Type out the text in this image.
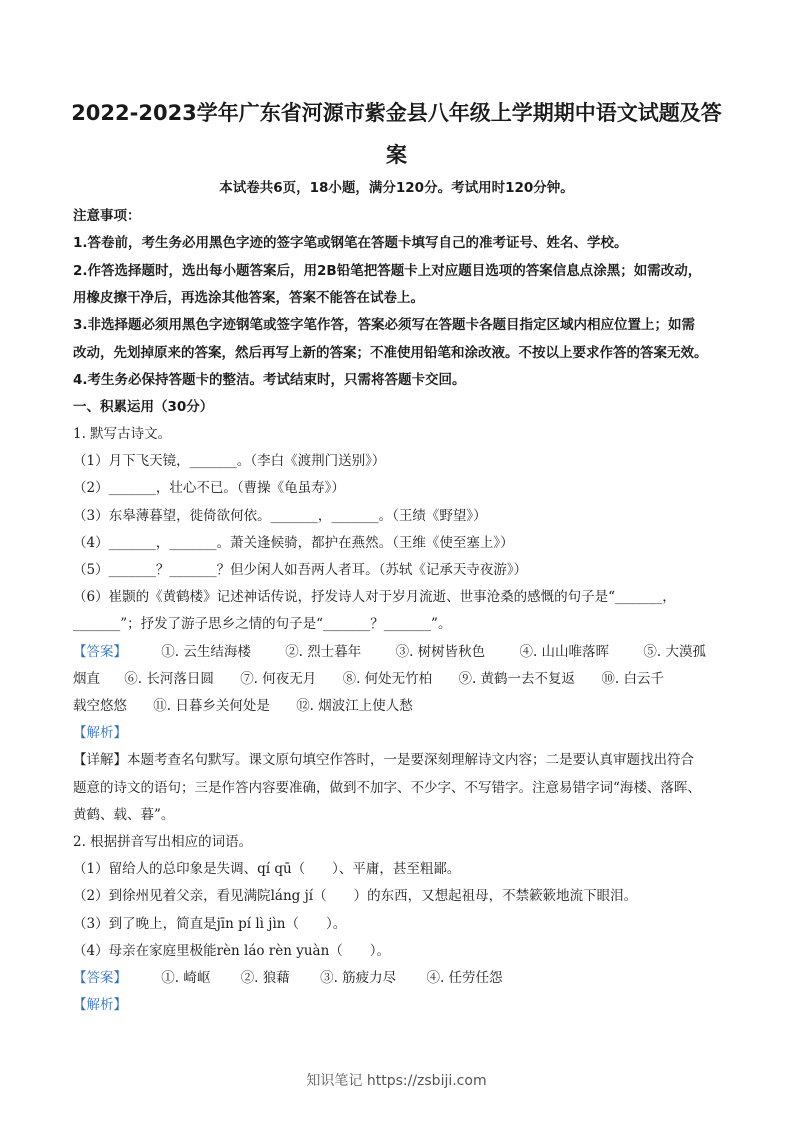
2022-2023学年广东省河源市紫金县八年级上学期期中语文试题及答
案
本试卷共6页，18小题，满分120分。考试用时120分钟。
注意事项：
1.答卷前，考生务必用黑色字迹的签字笔或钢笔在答题卡填写自己的准考证号、姓名、学校。
2.作答选择题时，选出每小题答案后，用2B铅笔把答题卡上对应题目选项的答案信息点涂黑；如需改动，
用橡皮擦干净后，再选涂其他答案，答案不能答在试卷上。
3.非选择题必须用黑色字迹钢笔或签字笔作答，答案必须写在答题卡各题目指定区域内相应位置上；如需
改动，先划掉原来的答案，然后再写上新的答案；不准使用铅笔和涂改液。不按以上要求作答的答案无效。
4.考生务必保持答题卡的整洁。考试结束时，只需将答题卡交回。
一、积累运用（30分）
1. 默写古诗文。
（1）月下飞天镜，_______。（李白《渡荆门送别》）
（2）_______，壮心不已。（曹操《龟虽寿》）
（3）东皋薄暮望，徙倚欲何依。_______，_______。（王绩《野望》）
（4）_______，_______。萧关逢候骑，都护在燕然。（王维《使至塞上》）
（5）_______？_______？但少闲人如吾两人者耳。（苏轼《记承天寺夜游》）
（6）崔颢的《黄鹤楼》记述神话传说，抒发诗人对于岁月流逝、世事沧桑的感慨的句子是“_______，
_______”；抒发了游子思乡之情的句子是“_______？_______”。
【答案】	①. 云生结海楼	②. 烈士暮年	③. 树树皆秋色	④. 山山唯落晖	⑤. 大漠孤
烟直 ⑥. 长河落日圆 ⑦. 何夜无月 ⑧. 何处无竹柏 ⑨. 黄鹤一去不复返 ⑩. 白云千
载空悠悠 ⑪. 日暮乡关何处是 ⑫. 烟波江上使人愁
【解析】
【详解】本题考查名句默写。课文原句填空作答时，一是要深刻理解诗文内容；二是要认真审题找出符合
题意的诗文的语句；三是作答内容要准确，做到不加字、不少字、不写错字。注意易错字词“海楼、落晖、
黄鹤、载、暮”。
2. 根据拼音写出相应的词语。
（1）留给人的总印象是失调、qí qū（　　）、平庸，甚至粗鄙。
（2）到徐州见着父亲，看见满院láng jí（　　）的东西，又想起祖母，不禁簌簌地流下眼泪。
（3）到了晚上，简直是jīn pí lì jìn（　　）。
（4）母亲在家庭里极能rèn láo rèn yuàn（　　）。
【答案】	①. 崎岖 ②. 狼藉 ③. 筋疲力尽 ④. 任劳任怨
【解析】
知识笔记 https://zsbiji.com
